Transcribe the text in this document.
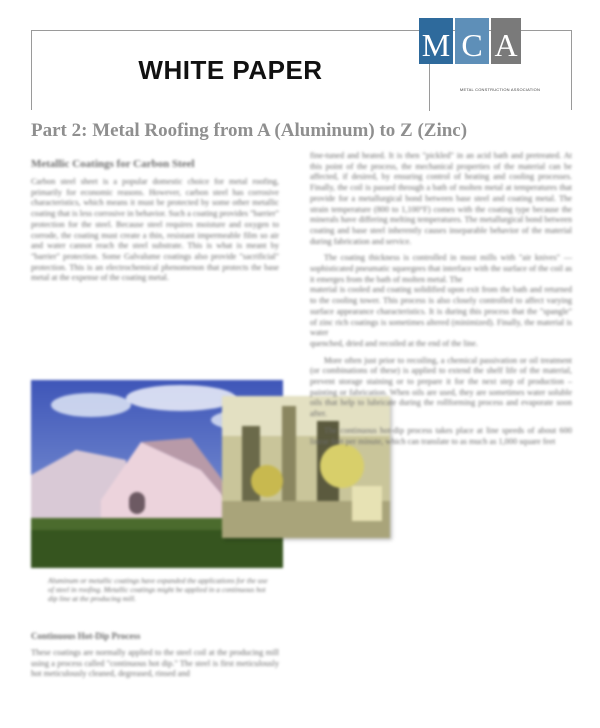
WHITE PAPER
M C A
METAL CONSTRUCTION ASSOCIATION
Part 2: Metal Roofing from A (Aluminum) to Z (Zinc)
Metallic Coatings for Carbon Steel

Carbon steel sheet is a popular domestic choice for metal roofing, primarily for economic reasons. However, carbon steel has corrosive characteristics, which means it must be protected by some other metallic coating that is less corrosive in behavior. Such a coating provides "barrier" protection for the steel. Because steel requires moisture and oxygen to corrode, the coating must create a thin, resistant impermeable film so air and water cannot reach the steel substrate. This is what is meant by "barrier" protection. Some Galvalume coatings also provide "sacrificial" protection. This is an electrochemical phenomenon that protects the base metal at the expense of the coating metal.

Aluminum or metallic coatings have expanded the applications for the use of steel in roofing. Metallic coatings might be applied in a continuous hot dip line at the producing mill.
Continuous Hot-Dip Process

These coatings are normally applied to the steel coil at the producing mill using a process called "continuous hot dip." The steel is first meticulously hot meticulously cleaned, degreased, rinsed and

fine-tuned and heated. It is then "pickled" in an acid bath and pretreated. At this point of the process, the mechanical properties of the material can be affected, if desired, by ensuring control of heating and cooling processes. Finally, the coil is passed through a bath of molten metal at temperatures that provide for a metallurgical bond between base steel and coating metal. The strain temperature (800 to 1,100°F) comes with the coating type because the minerals have differing melting temperatures. The metallurgical bond between coating and base steel inherently causes inseparable behavior of the material during fabrication and service.

The coating thickness is controlled in most mills with "air knives" — sophisticated pneumatic squeegees that interface with the surface of the coil as it emerges from the bath of molten metal. The

material is cooled and coating solidified upon exit from the bath and returned to the cooling tower. This process is also closely controlled to affect varying surface appearance characteristics. It is during this process that the "spangle" of zinc rich coatings is sometimes altered (minimized). Finally, the material is water

quenched, dried and recoiled at the end of the line.

More often just prior to recoiling, a chemical passivation or oil treatment (or combinations of these) is applied to extend the shelf life of the material, prevent storage staining or to prepare it for the next step of production – painting or fabrication. When oils are used, they are sometimes water soluble oils that help to lubricate during the rollforming process and evaporate soon after.

The continuous hot-dip process takes place at line speeds of about 600 linear feet per minute, which can translate to as much as 1,000 square feet
